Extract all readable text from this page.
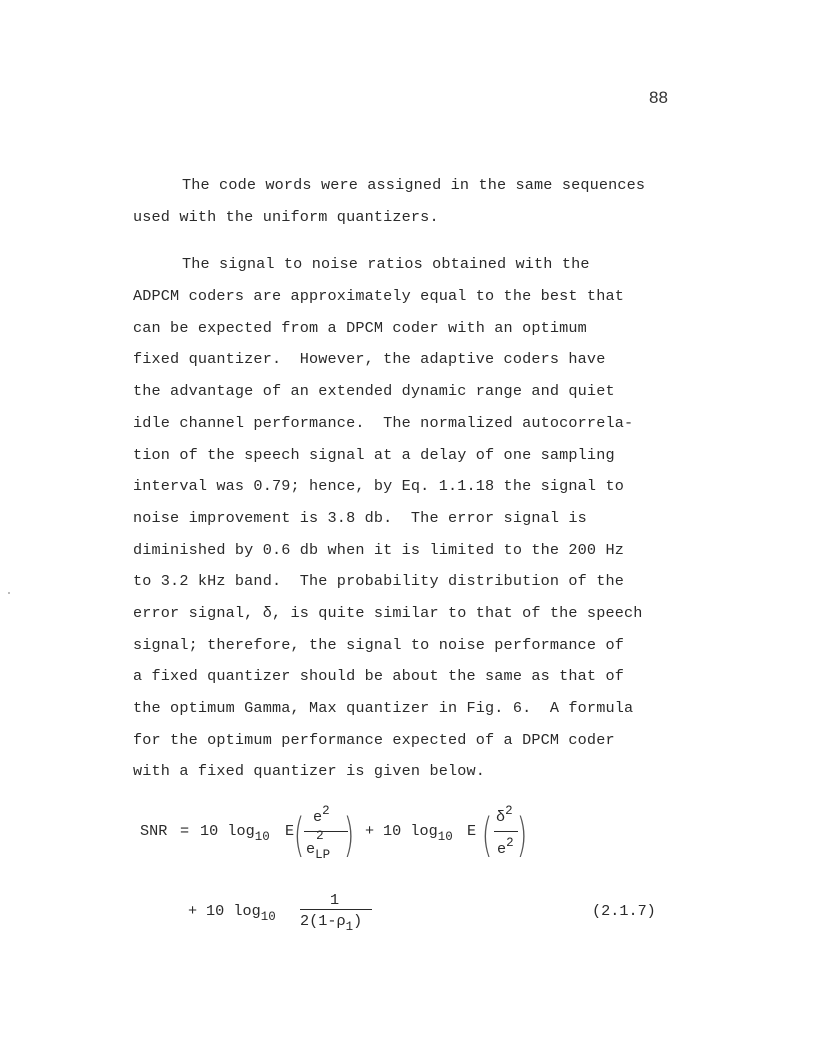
88
The code words were assigned in the same sequences
used with the uniform quantizers.
The signal to noise ratios obtained with the
ADPCM coders are approximately equal to the best that
can be expected from a DPCM coder with an optimum
fixed quantizer.  However, the adaptive coders have
the advantage of an extended dynamic range and quiet
idle channel performance.  The normalized autocorrela-
tion of the speech signal at a delay of one sampling
interval was 0.79; hence, by Eq. 1.1.18 the signal to
noise improvement is 3.8 db.  The error signal is
diminished by 0.6 db when it is limited to the 200 Hz
to 3.2 kHz band.  The probability distribution of the
error signal, δ, is quite similar to that of the speech
signal; therefore, the signal to noise performance of
a fixed quantizer should be about the same as that of
the optimum Gamma, Max quantizer in Fig. 6.  A formula
for the optimum performance expected of a DPCM coder
with a fixed quantizer is given below.
SNR = 10 $\log_{10} E$ ( $e^2$
$e_{LP}^2$ ) + 10 $\log_{10} E$ ( $\delta^2$
$e^2$ )
+ 10 $\log_{10}$
1
$2(1-\rho_1)$
(2.1.7)
